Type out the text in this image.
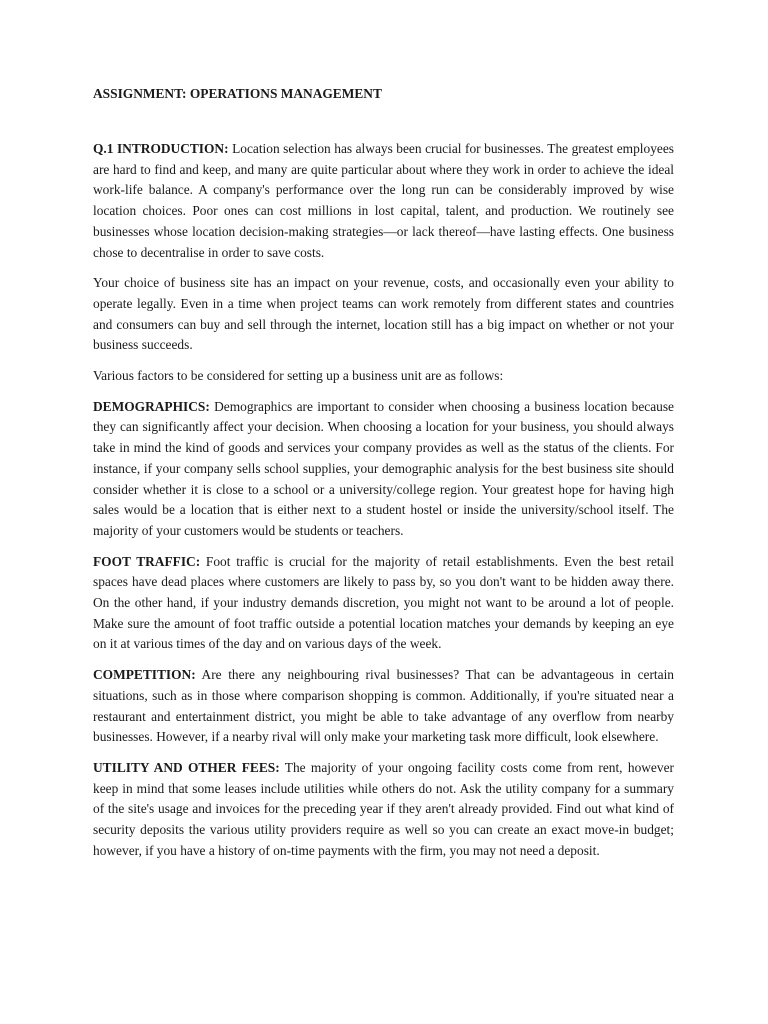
ASSIGNMENT: OPERATIONS MANAGEMENT

Q.1 INTRODUCTION: Location selection has always been crucial for businesses. The greatest employees are hard to find and keep, and many are quite particular about where they work in order to achieve the ideal work-life balance. A company's performance over the long run can be considerably improved by wise location choices. Poor ones can cost millions in lost capital, talent, and production. We routinely see businesses whose location decision-making strategies—or lack thereof—have lasting effects. One business chose to decentralise in order to save costs.

Your choice of business site has an impact on your revenue, costs, and occasionally even your ability to operate legally. Even in a time when project teams can work remotely from different states and countries and consumers can buy and sell through the internet, location still has a big impact on whether or not your business succeeds.

Various factors to be considered for setting up a business unit are as follows:

DEMOGRAPHICS: Demographics are important to consider when choosing a business location because they can significantly affect your decision. When choosing a location for your business, you should always take in mind the kind of goods and services your company provides as well as the status of the clients. For instance, if your company sells school supplies, your demographic analysis for the best business site should consider whether it is close to a school or a university/college region. Your greatest hope for having high sales would be a location that is either next to a student hostel or inside the university/school itself. The majority of your customers would be students or teachers.

FOOT TRAFFIC: Foot traffic is crucial for the majority of retail establishments. Even the best retail spaces have dead places where customers are likely to pass by, so you don't want to be hidden away there. On the other hand, if your industry demands discretion, you might not want to be around a lot of people. Make sure the amount of foot traffic outside a potential location matches your demands by keeping an eye on it at various times of the day and on various days of the week.

COMPETITION: Are there any neighbouring rival businesses? That can be advantageous in certain situations, such as in those where comparison shopping is common. Additionally, if you're situated near a restaurant and entertainment district, you might be able to take advantage of any overflow from nearby businesses. However, if a nearby rival will only make your marketing task more difficult, look elsewhere.

UTILITY AND OTHER FEES: The majority of your ongoing facility costs come from rent, however keep in mind that some leases include utilities while others do not. Ask the utility company for a summary of the site's usage and invoices for the preceding year if they aren't already provided. Find out what kind of security deposits the various utility providers require as well so you can create an exact move-in budget; however, if you have a history of on-time payments with the firm, you may not need a deposit.
